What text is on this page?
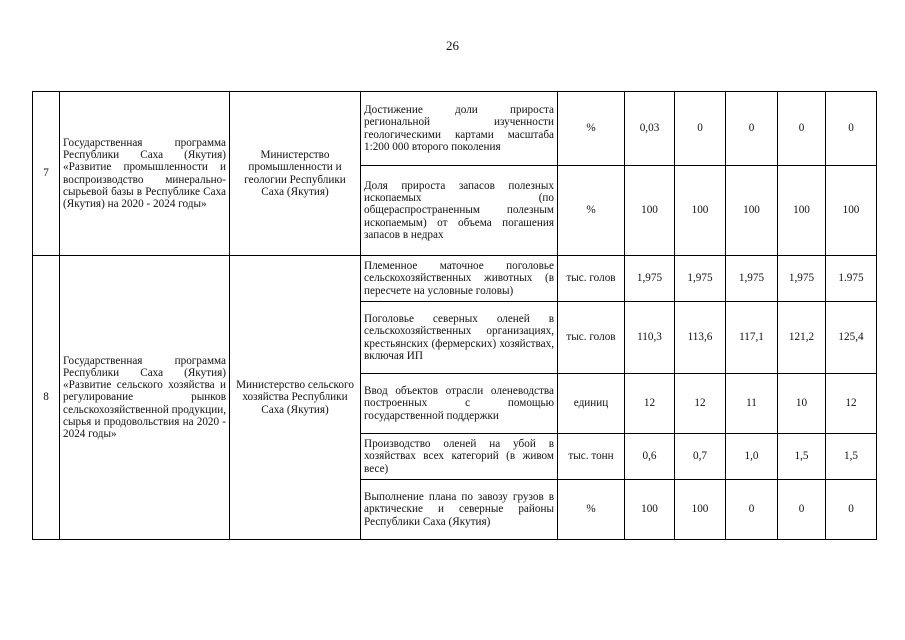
26
7	Государственная программа Республики Саха (Якутия) «Развитие промышленности и воспроизводство минерально-сырьевой базы в Республике Саха (Якутия) на 2020 - 2024 годы»	Министерство промышленности и геологии Республики Саха (Якутия)	Достижение доли прироста региональной изученности геологическими картами масштаба 1:200 000 второго поколения	%	0,03	0	0	0	0
			Доля прироста запасов полезных ископаемых (по общераспространенным полезным ископаемым) от объема погашения запасов в недрах	%	100	100	100	100	100
8	Государственная программа Республики Саха (Якутия) «Развитие сельского хозяйства и регулирование рынков сельскохозяйственной продукции, сырья и продовольствия на 2020 - 2024 годы»	Министерство сельского хозяйства Республики Саха (Якутия)	Племенное маточное поголовье сельскохозяйственных животных (в пересчете на условные головы)	тыс. голов	1,975	1,975	1,975	1,975	1.975
			Поголовье северных оленей в сельскохозяйственных организациях, крестьянских (фермерских) хозяйствах, включая ИП	тыс. голов	110,3	113,6	117,1	121,2	125,4
			Ввод объектов отрасли оленеводства построенных с помощью государственной поддержки	единиц	12	12	11	10	12
			Производство оленей на убой в хозяйствах всех категорий (в живом весе)	тыс. тонн	0,6	0,7	1,0	1,5	1,5
			Выполнение плана по завозу грузов в арктические и северные районы Республики Саха (Якутия)	%	100	100	0	0	0
